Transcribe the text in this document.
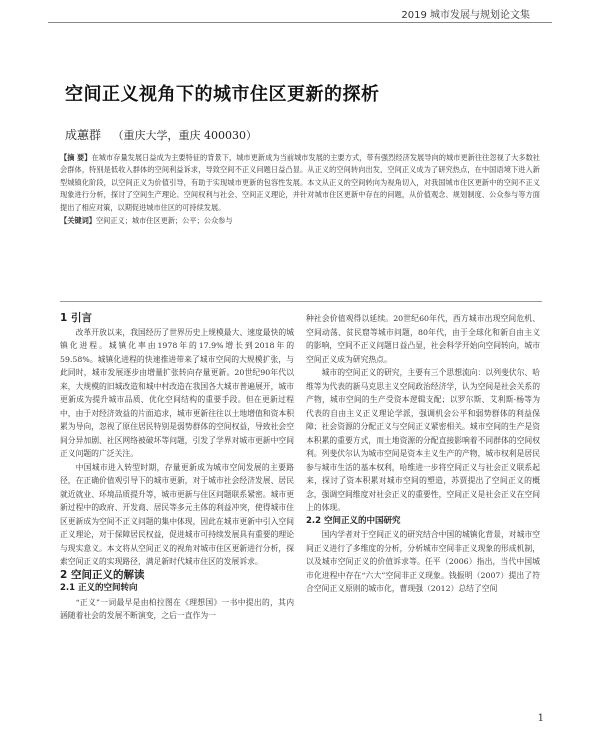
2019 城市发展与规划论文集
空间正义视角下的城市住区更新的探析
成蕙群 （重庆大学，重庆 400030）

【摘 要】在城市存量发展日益成为主要特征的背景下，城市更新成为当前城市发展的主要方式，带有强烈经济发展导向的城市更新往往忽视了大多数社会群体，特别是低收入群体的空间利益诉求，导致空间不正义问题日益凸显。从正义的空间转向出发，空间正义成为了研究热点，在中国语境下进入新型城镇化阶段，以空间正义为价值引导，有助于实现城市更新的包容性发展。本文从正义的空间转向为视角切入，对我国城市住区更新中的空间不正义现象进行分析，探讨了空间生产理论、空间权利与社会、空间正义理论，并针对城市住区更新中存在的问题，从价值观念、规划制度、公众参与等方面提出了相应对策，以期促进城市住区的可持续发展。

【关键词】空间正义；城市住区更新；公平；公众参与

1 引言

改革开放以来，我国经历了世界历史上规模最大、速度最快的城镇化进程。城镇化率由1978年的17.9%增长到2018年的59.58%。城镇化进程的快速推进带来了城市空间的大规模扩张，与此同时，城市发展逐步由增量扩张转向存量更新。20世纪90年代以来，大规模的旧城改造和城中村改造在我国各大城市普遍展开，城市更新成为提升城市品质、优化空间结构的重要手段。但在更新过程中，由于对经济效益的片面追求，城市更新往往以土地增值和资本积累为导向，忽视了原住居民特别是弱势群体的空间权益，导致社会空间分异加剧、社区网络被破坏等问题，引发了学界对城市更新中空间正义问题的广泛关注。

中国城市进入转型时期，存量更新成为城市空间发展的主要路径，在正确价值观引导下的城市更新，对于城市社会经济发展、居民就近就业、环境品质提升等，城市更新与住区问题联系紧密。城市更新过程中的政府、开发商、居民等多元主体的利益冲突，使得城市住区更新成为空间不正义问题的集中体现，因此在城市更新中引入空间正义理论，对于保障居民权益，促进城市可持续发展具有重要的理论与现实意义。本文将从空间正义的视角对城市住区更新进行分析，探索空间正义的实现路径，满足新时代城市住区的发展诉求。

2 空间正义的解读

2.1 正义的空间转向

“正义”一词最早是由柏拉图在《理想国》一书中提出的，其内涵随着社会的发展不断演变，之后一直作为一

种社会价值观得以延续。20世纪60年代，西方城市出现空间危机、空间动荡、贫民窟等城市问题，80年代，由于全球化和新自由主义的影响，空间不正义问题日益凸显，社会科学开始向空间转向，城市空间正义成为研究热点。

城市的空间正义的研究，主要有三个思想流向：以列斐伏尔、哈维等为代表的新马克思主义空间政治经济学，认为空间是社会关系的产物，城市空间的生产受资本逻辑支配；以罗尔斯、艾利斯·杨等为代表的自由主义正义理论学派，强调机会公平和弱势群体的利益保障；社会资源的分配正义与空间正义紧密相关。城市空间的生产是资本积累的重要方式，而土地资源的分配直接影响着不同群体的空间权利。列斐伏尔认为城市空间是资本主义生产的产物，城市权利是居民参与城市生活的基本权利，哈维进一步将空间正义与社会正义联系起来，探讨了资本积累对城市空间的塑造，苏贾提出了空间正义的概念，强调空间维度对社会正义的重要性，空间正义是社会正义在空间上的体现。

2.2 空间正义的中国研究

国内学者对于空间正义的研究结合中国的城镇化背景，对城市空间正义进行了多维度的分析，分析城市空间非正义现象的形成机制，以及城市空间正义的价值诉求等。任平（2006）指出，当代中国城市化进程中存在“六大”空间非正义现象。钱振明（2007）提出了符合空间正义原则的城市化，曹现强（2012）总结了空间

1
